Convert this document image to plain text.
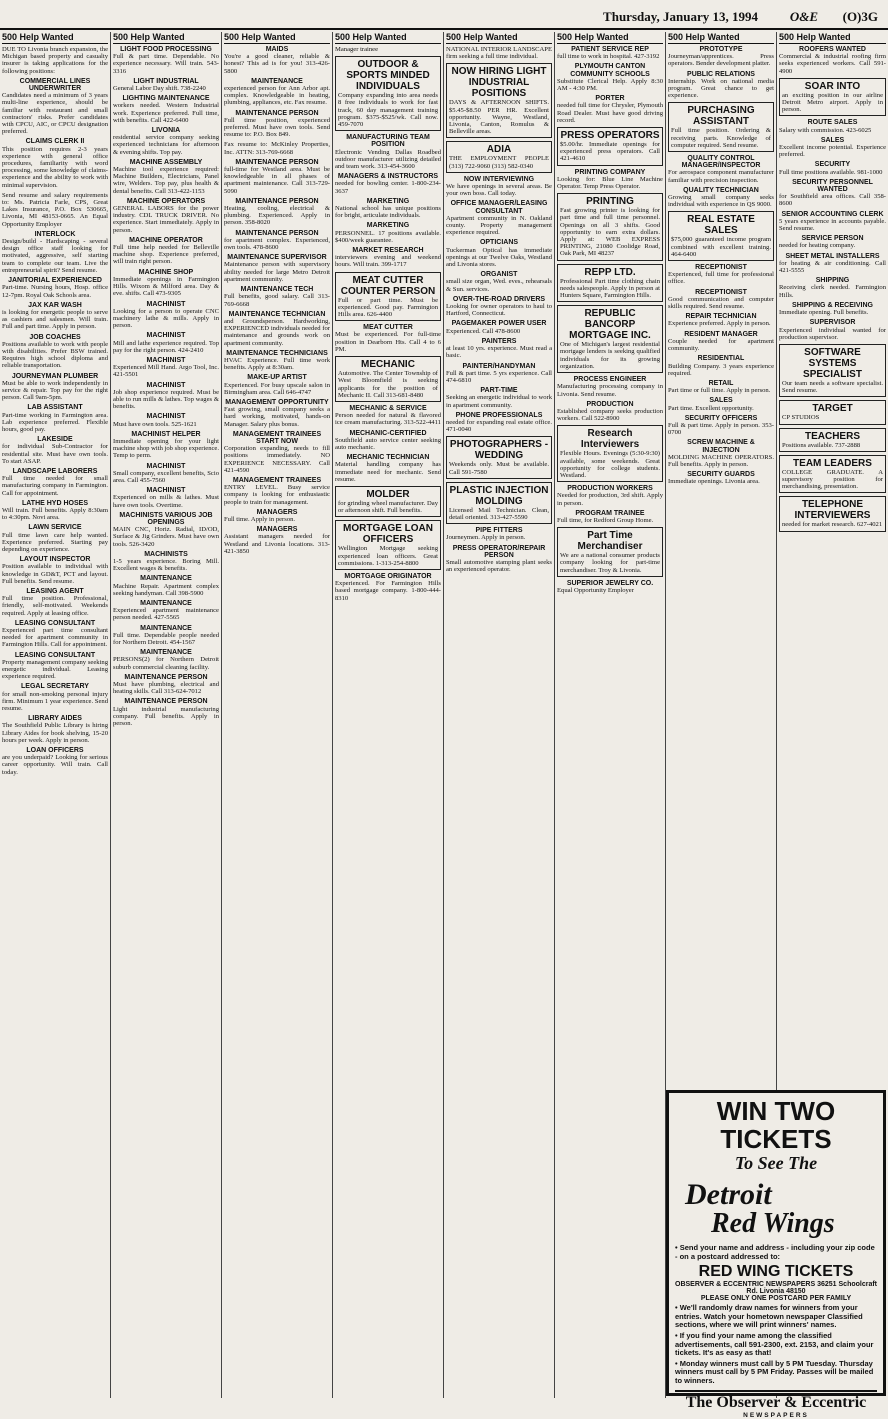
Thursday, January 13, 1994 O&E (O)3G
500 Help Wanted
DUE TO Livonia branch expansion, the Michigan based property and casualty insurer is taking applications for the following positions:
COMMERCIAL LINES UNDERWRITER
Candidates need a minimum of 3 years multi-line experience, should be familiar with restaurant and small contractors' risks. Prefer candidates with CPCU, AIC, or CPCU designation preferred.
CLAIMS CLERK II
This position requires 2-3 years experience with general office procedures, familiarity with word processing, some knowledge of claims-experience and the ability to work with minimal supervision.
Send resume and salary requirements to: Ms. Patricia Farle, CPS, Great Lakes Insurance, P.O. Box 530665, Livonia, MI 48153-0665. An Equal Opportunity Employer
INTERLOCK
Design/build - Hardscaping - several design office staff looking for motivated, aggressive, self starting team to complete our team. Live the entrepreneurial spirit? Send resume.
JANITORIAL EXPERIENCED
Part-time. Nursing hours, Hosp. office 12-7pm. Royal Oak Schools area.
JAX KAR WASH
is looking for energetic people to serve as cashiers and salesmen. Will train. Full and part time. Apply in person.
JOB COACHES
Positions available to work with people with disabilities. Prefer BSW trained. Requires high school diploma and reliable transportation.
JOURNEYMAN PLUMBER
Must be able to work independently in service & repair. Top pay for the right person. Call 9am-5pm.
LAB ASSISTANT
Part-time working in Farmington area. Lab experience preferred. Flexible hours, good pay.
LAKESIDE
for individual Sub-Contractor for residential site. Must have own tools. To start ASAP.
LANDSCAPE LABORERS
Full time needed for small manufacturing company in Farmington. Call for appointment.
LATHE HYD HOSES
Will train. Full benefits. Apply 8:30am to 4:30pm. Novi area.
LAWN SERVICE
Full time lawn care help wanted. Experience preferred. Starting pay depending on experience.
LAYOUT INSPECTOR
Position available to individual with knowledge in GD&T, PCT and layout. Full benefits. Send resume.
LEASING AGENT
Full time position. Professional, friendly, self-motivated. Weekends required. Apply at leasing office.
LEASING CONSULTANT
Experienced part time consultant needed for apartment community in Farmington Hills. Call for appointment.
LEASING CONSULTANT
Property management company seeking energetic individual. Leasing experience required.
LEGAL SECRETARY
for small non-smoking personal injury firm. Minimum 1 year experience. Send resume.
LIBRARY AIDES
The Southfield Public Library is hiring Library Aides for book shelving, 15-20 hours per week. Apply in person.
LOAN OFFICERS
are you underpaid? Looking for serious career opportunity. Will train. Call today.
500 Help Wanted
LIGHT FOOD PROCESSING
Full & part time. Dependable. No experience necessary. Will train. 543-3316
LIGHT INDUSTRIAL
General Labor Day shift. 738-2240
LIGHTING MAINTENANCE
workers needed. Western Industrial work. Experience preferred. Full time, with benefits. Call 422-6400
LIVONIA
residential service company seeking experienced technicians for afternoon & evening shifts. Top pay.
MACHINE ASSEMBLY
Machine tool experience required: Machine Builders, Electricians, Panel wire, Welders. Top pay, plus health & dental benefits. Call 313-422-1153
MACHINE OPERATORS
GENERAL LABORS for the power industry. CDL TRUCK DRIVER. No experience. Start immediately. Apply in person.
MACHINE OPERATOR
Full time help needed for Belleville machine shop. Experience preferred, will train right person.
MACHINE SHOP
Immediate openings in Farmington Hills. Wixom & Milford area. Day & eve. shifts. Call 473-9305
MACHINIST
Looking for a person to operate CNC machinery lathe & mills. Apply in person.
MACHINIST
Mill and lathe experience required. Top pay for the right person. 424-2410
MACHINIST
Experienced Mill Hand. Argo Tool, Inc. 421-5501
MACHINIST
Job shop experience required. Must be able to run mills & lathes. Top wages & benefits.
MACHINIST
Must have own tools. 525-1621
MACHINIST HELPER
Immediate opening for your light machine shop with job shop experience. Temp to perm.
MACHINIST
Small company, excellent benefits, Scio area. Call 455-7560
MACHINIST
Experienced on mills & lathes. Must have own tools. Overtime.
MACHINISTS VARIOUS JOB OPENINGS
MAIN CNC, Horiz. Radial, ID/OD, Surface & Jig Grinders. Must have own tools. 526-3420
MACHINISTS
1-5 years experience. Boring Mill. Excellent wages & benefits.
MAINTENANCE
Machine Repair. Apartment complex seeking handyman. Call 398-5900
MAINTENANCE
Experienced apartment maintenance person needed. 427-5565
MAINTENANCE
Full time. Dependable people needed for Northern Detroit. 454-1567
MAINTENANCE
PERSONS(2) for Northern Detroit suburb commercial cleaning facility.
MAINTENANCE PERSON
Must have plumbing, electrical and heating skills. Call 313-624-7012
MAINTENANCE PERSON
Light industrial manufacturing company. Full benefits. Apply in person.
500 Help Wanted
MAIDS
You're a good cleaner, reliable & honest? This ad is for you! 313-426-5800
MAINTENANCE
experienced person for Ann Arbor apt. complex. Knowledgeable in heating, plumbing, appliances, etc. Fax resume.
MAINTENANCE PERSON
Full time position, experienced preferred. Must have own tools. Send resume to: P.O. Box 849.
Fax resume to: McKinley Properties, Inc. ATTN: 313-769-6668
MAINTENANCE PERSON
full-time for Westland area. Must be knowledgeable in all phases of apartment maintenance. Call 313-729-5090
MAINTENANCE PERSON
Heating, cooling, electrical & plumbing. Experienced. Apply in person. 358-8020
MAINTENANCE PERSON
for apartment complex. Experienced, own tools. 478-8600
MAINTENANCE SUPERVISOR
Maintenance person with supervisory ability needed for large Metro Detroit apartment community.
MAINTENANCE TECH
Full benefits, good salary. Call 313-769-6668
MAINTENANCE TECHNICIAN
and Groundsperson. Hardworking, EXPERIENCED individuals needed for maintenance and grounds work on apartment community.
MAINTENANCE TECHNICIANS
HVAC Experience. Full time work benefits. Apply at 8:30am.
MAKE-UP ARTIST
Experienced. For busy upscale salon in Birmingham area. Call 646-4747
MANAGEMENT OPPORTUNITY
Fast growing, small company seeks a hard working, motivated, hands-on Manager. Salary plus bonus.
MANAGEMENT TRAINEES START NOW
Corporation expanding, needs to fill positions immediately. NO EXPERIENCE NECESSARY. Call 421-4590
MANAGEMENT TRAINEES
ENTRY LEVEL. Busy service company is looking for enthusiastic people to train for management.
MANAGERS
Full time. Apply in person.
MANAGERS
Assistant managers needed for Westland and Livonia locations. 313-421-3850
500 Help Wanted
Manager trainee
OUTDOOR & SPORTS MINDED INDIVIDUALS
Company expanding into area needs 8 free individuals to work for fast track, 60 day management training program. $375-$525/wk. Call now. 459-7070
MANUFACTURING TEAM POSITION
Electronic Vending Dallas Roadbed outdoor manufacturer utilizing detailed and team work. 313-454-3600
MANAGERS & INSTRUCTORS
needed for bowling center. 1-800-234-3637
MARKETING
National school has unique positions for bright, articulate individuals.
MARKETING
PERSONNEL. 17 positions available. $400/week guarantee.
MARKET RESEARCH
interviewers evening and weekend hours. Will train. 399-1717
MEAT CUTTER COUNTER PERSON
Full or part time. Must be experienced. Good pay. Farmington Hills area. 626-4400
MEAT CUTTER
Must be experienced. For full-time position in Dearborn Hts. Call 4 to 6 PM.
MECHANIC
Automotive. The Center Township of West Bloomfield is seeking applicants for the position of Mechanic II. Call 313-681-8480
MECHANIC & SERVICE
Person needed for natural & flavored ice cream manufacturing. 313-522-4411
MECHANIC-CERTIFIED
Southfield auto service center seeking auto mechanic.
MECHANIC TECHNICIAN
Material handling company has immediate need for mechanic. Send resume.
MOLDER
for grinding wheel manufacturer. Day or afternoon shift. Full benefits.
MORTGAGE LOAN OFFICERS
Wellington Mortgage seeking experienced loan officers. Great commissions. 1-313-254-8800
MORTGAGE ORIGINATOR
Experienced. For Farmington Hills based mortgage company. 1-800-444-8310
500 Help Wanted
NATIONAL INTERIOR LANDSCAPE firm seeking a full time individual.
NOW HIRING LIGHT INDUSTRIAL POSITIONS
DAYS & AFTERNOON SHIFTS. $5.45-$8.50 PER HR. Excellent opportunity. Wayne, Westland, Livonia, Canton, Romulus & Belleville areas.
ADIA
THE EMPLOYMENT PEOPLE (313) 722-9060 (313) 582-0340
NOW INTERVIEWING
We have openings in several areas. Be your own boss. Call today.
OFFICE MANAGER/LEASING CONSULTANT
Apartment community in N. Oakland county. Property management experience required.
OPTICIANS
Tuckerman Optical has immediate openings at our Twelve Oaks, Westland and Livonia stores.
ORGANIST
small size organ, Wed. eves., rehearsals & Sun. services.
OVER-THE-ROAD DRIVERS
Looking for owner operators to haul to Hartford, Connecticut.
PAGEMAKER POWER USER
Experienced. Call 478-8600
PAINTERS
at least 10 yrs. experience. Must read a basic.
PAINTER/HANDYMAN
Full & part time. 5 yrs experience. Call 474-6810
PART-TIME
Seeking an energetic individual to work in apartment community.
PHONE PROFESSIONALS
needed for expanding real estate office. 471-0040
PHOTOGRAPHERS - WEDDING
Weekends only. Must be available. Call 591-7580
PLASTIC INJECTION MOLDING
Licensed Mail Technician. Clean, detail oriented. 313-427-5590
PIPE FITTERS
Journeymen. Apply in person.
PRESS OPERATOR/REPAIR PERSON
Small automotive stamping plant seeks an experienced operator.
500 Help Wanted
PATIENT SERVICE REP
full time to work in hospital. 427-3192
PLYMOUTH CANTON COMMUNITY SCHOOLS
Substitute Clerical Help. Apply 8:30 AM - 4:30 PM.
PORTER
needed full time for Chrysler, Plymouth Road Dealer. Must have good driving record.
PRESS OPERATORS
$5.00/hr. Immediate openings for experienced press operators. Call 421-4610
PRINTING COMPANY
Looking for: Blue Line Machine Operator. Temp Press Operator.
PRINTING
Fast growing printer is looking for part time and full time personnel. Openings on all 3 shifts. Good opportunity to earn extra dollars. Apply at: WEB EXPRESS PRINTING, 21080 Coolidge Road, Oak Park, MI 48237
REPP LTD.
Professional Part time clothing chain needs salespeople. Apply in person at Hunters Square, Farmington Hills.
REPUBLIC BANCORP MORTGAGE INC.
One of Michigan's largest residential mortgage lenders is seeking qualified individuals for its growing organization.
PROCESS ENGINEER
Manufacturing processing company in Livonia. Send resume.
PRODUCTION
Established company seeks production workers. Call 522-8900
Research Interviewers
Flexible Hours. Evenings (5:30-9:30) available, some weekends. Great opportunity for college students. Westland.
PRODUCTION WORKERS
Needed for production, 3rd shift. Apply in person.
PROGRAM TRAINEE
Full time, for Redford Group Home.
Part Time Merchandiser
We are a national consumer products company looking for part-time merchandiser. Troy & Livonia.
SUPERIOR JEWELRY CO.
Equal Opportunity Employer
500 Help Wanted
PROTOTYPE
Journeyman/apprentices. Press operators. Bender development platter.
PUBLIC RELATIONS
Internship. Work on national media program. Great chance to get experience.
PURCHASING ASSISTANT
Full time position. Ordering & receiving parts. Knowledge of computer required. Send resume.
QUALITY CONTROL MANAGER/INSPECTOR
For aerospace component manufacturer familiar with precision inspection.
QUALITY TECHNICIAN
Growing small company seeks individual with experience in QS 9000.
REAL ESTATE SALES
$75,000 guaranteed income program combined with excellent training. 464-6400
RECEPTIONIST
Experienced, full time for professional office.
RECEPTIONIST
Good communication and computer skills required. Send resume.
REPAIR TECHNICIAN
Experience preferred. Apply in person.
RESIDENT MANAGER
Couple needed for apartment community.
RESIDENTIAL
Building Company. 3 years experience required.
RETAIL
Part time or full time. Apply in person.
SALES
Part time. Excellent opportunity.
SECURITY OFFICERS
Full & part time. Apply in person. 353-0700
SCREW MACHINE & INJECTION
MOLDING MACHINE OPERATORS. Full benefits. Apply in person.
SECURITY GUARDS
Immediate openings. Livonia area.
500 Help Wanted
ROOFERS WANTED
Commercial & industrial roofing firm seeks experienced workers. Call 591-4900
SOAR INTO
an exciting position in our airline Detroit Metro airport. Apply in person.
ROUTE SALES
Salary with commission. 423-6025
SALES
Excellent income potential. Experience preferred.
SECURITY
Full time positions available. 981-1000
SECURITY PERSONNEL WANTED
for Southfield area offices. Call 358-8600
SENIOR ACCOUNTING CLERK
5 years experience in accounts payable. Send resume.
SERVICE PERSON
needed for heating company.
SHEET METAL INSTALLERS
for heating & air conditioning. Call 421-5555
SHIPPING
Receiving clerk needed. Farmington Hills.
SHIPPING & RECEIVING
Immediate opening. Full benefits.
SUPERVISOR
Experienced individual wanted for production supervisor.
SOFTWARE SYSTEMS SPECIALIST
Our team needs a software specialist. Send resume.
TARGET
CP STUDIOS
TEACHERS
Positions available. 737-2888
TEAM LEADERS
COLLEGE GRADUATE. A supervisory position for merchandising, presentation.
TELEPHONE INTERVIEWERS
needed for market research. 627-4021
WIN TWO TICKETS
To See The
Detroit
Red Wings
• Send your name and address - including your zip code - on a postcard addressed to:
RED WING TICKETS
OBSERVER & ECCENTRIC NEWSPAPERS 36251 Schoolcraft Rd. Livonia 48150
PLEASE ONLY ONE POSTCARD PER FAMILY
• We'll randomly draw names for winners from your entries. Watch your hometown newspaper Classified sections, where we will print winners' names.
• If you find your name among the classified advertisements, call 591-2300, ext. 2153, and claim your tickets. It's as easy as that!
• Monday winners must call by 5 PM Tuesday. Thursday winners must call by 5 PM Friday. Passes will be mailed to winners.
The Observer & Eccentric
NEWSPAPERS
